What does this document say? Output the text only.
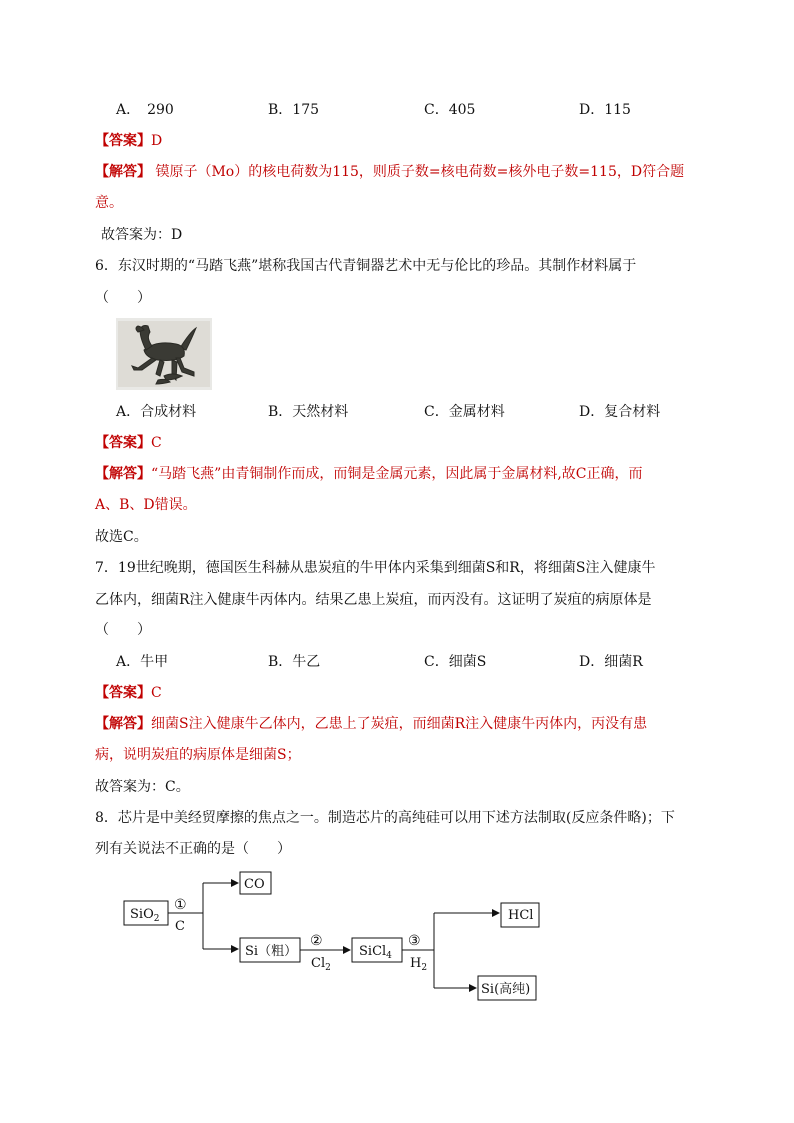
A．　290	B．175	C．405	D．115
【答案】D
【解答】 镆原子（Mo）的核电荷数为115，则质子数=核电荷数=核外电子数=115，D符合题
意。
故答案为：D
6．东汉时期的“马踏飞燕”堪称我国古代青铜器艺术中无与伦比的珍品。其制作材料属于
（　　）
A．合成材料	B．天然材料	C．金属材料	D．复合材料
【答案】C
【解答】“马踏飞燕”由青铜制作而成，而铜是金属元素，因此属于金属材料,故C正确，而
A、B、D错误。
故选C。
7．19世纪晚期，德国医生科赫从患炭疽的牛甲体内采集到细菌S和R，将细菌S注入健康牛
乙体内，细菌R注入健康牛丙体内。结果乙患上炭疽，而丙没有。这证明了炭疽的病原体是
（　　）
A．牛甲	B．牛乙	C．细菌S	D．细菌R
【答案】C
【解答】细菌S注入健康牛乙体内，乙患上了炭疽，而细菌R注入健康牛丙体内，丙没有患
病，说明炭疽的病原体是细菌S；
故答案为：C。
8．芯片是中美经贸摩擦的焦点之一。制造芯片的高纯硅可以用下述方法制取(反应条件略)；下
列有关说法不正确的是（　　）
SiO$_2$
CO
Si（粗）	SiCl$_4$
HCl
Si(高纯)
①
C
②
$Cl_2$
③
$H_2$
